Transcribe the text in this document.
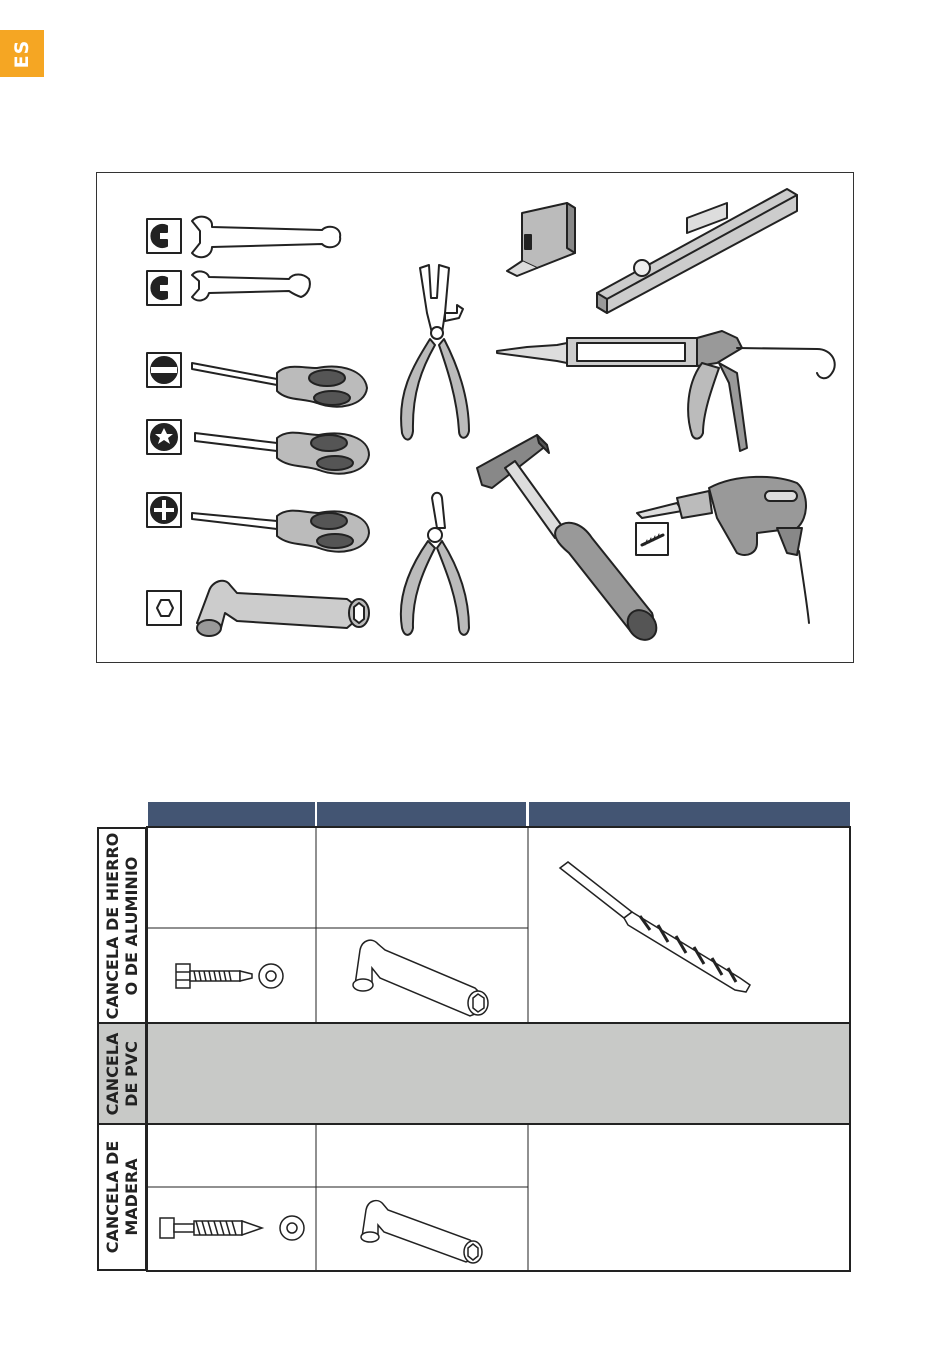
ES
CANCELA DE HIERRO
O DE ALUMINIO
CANCELA
DE PVC
CANCELA DE
MADERA
